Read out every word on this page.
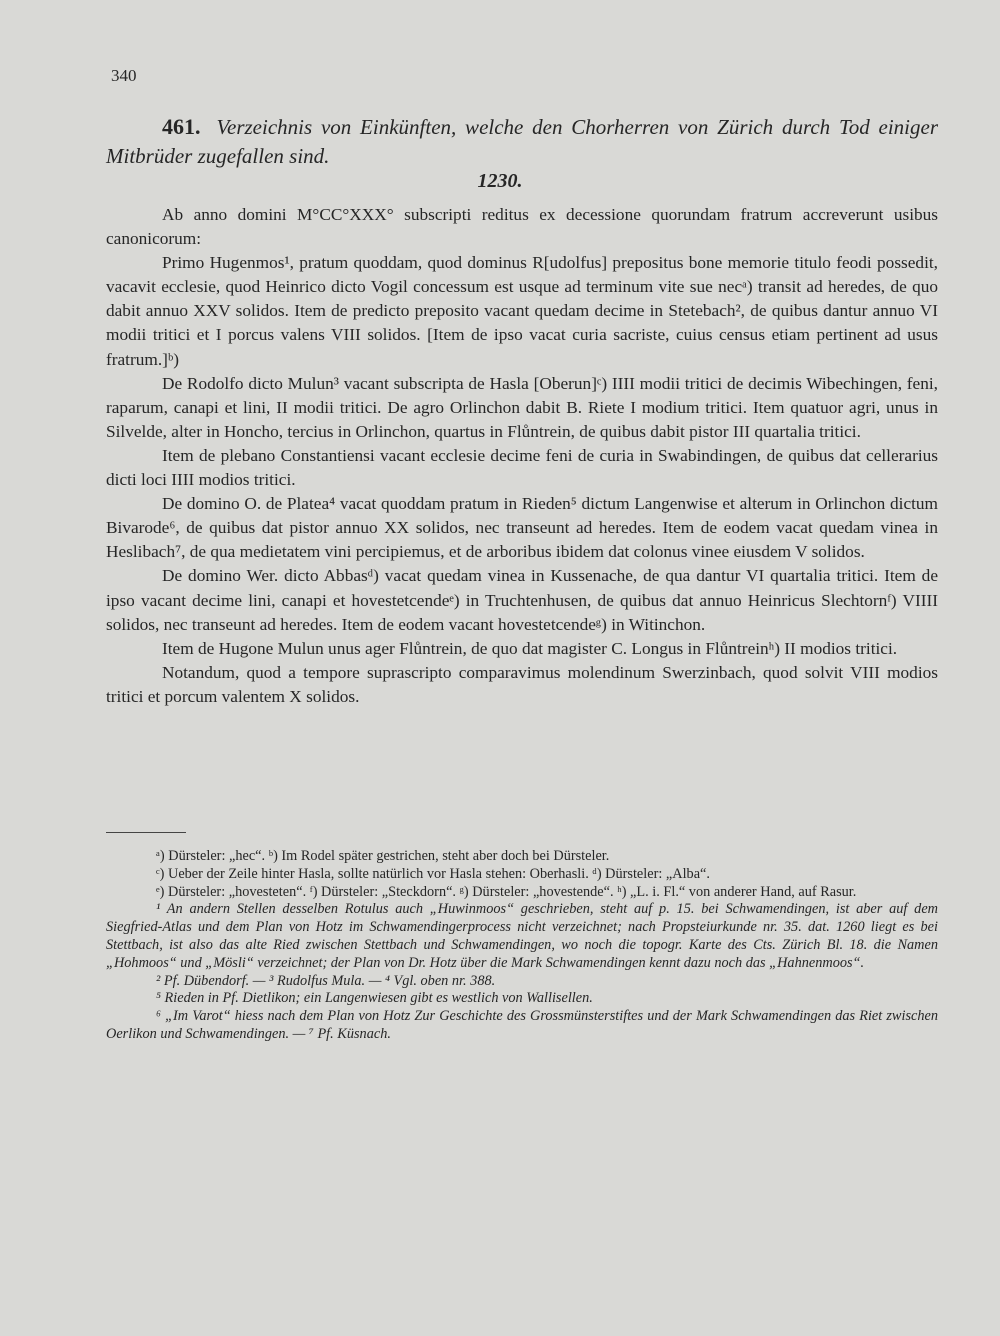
340
461. Verzeichnis von Einkünften, welche den Chorherren von Zürich durch Tod einiger Mitbrüder zugefallen sind.
1230.

Ab anno domini M°CC°XXX° subscripti reditus ex decessione quorundam fratrum accreverunt usibus canonicorum:

Primo Hugenmos¹, pratum quoddam, quod dominus R[udolfus] prepositus bone memorie titulo feodi possedit, vacavit ecclesie, quod Heinrico dicto Vogil concessum est usque ad terminum vite sue necᵃ) transit ad heredes, de quo dabit annuo XXV solidos. Item de predicto preposito vacant quedam decime in Stetebach², de quibus dantur annuo VI modii tritici et I porcus valens VIII solidos. [Item de ipso vacat curia sacriste, cuius census etiam pertinent ad usus fratrum.]ᵇ)

De Rodolfo dicto Mulun³ vacant subscripta de Hasla [Oberun]ᶜ) IIII modii tritici de decimis Wibechingen, feni, raparum, canapi et lini, II modii tritici. De agro Orlinchon dabit B. Riete I modium tritici. Item quatuor agri, unus in Silvelde, alter in Honcho, tercius in Orlinchon, quartus in Flůntrein, de quibus dabit pistor III quartalia tritici.

Item de plebano Constantiensi vacant ecclesie decime feni de curia in Swabindingen, de quibus dat cellerarius dicti loci IIII modios tritici.

De domino O. de Platea⁴ vacat quoddam pratum in Rieden⁵ dictum Langenwise et alterum in Orlinchon dictum Bivarode⁶, de quibus dat pistor annuo XX solidos, nec transeunt ad heredes. Item de eodem vacat quedam vinea in Heslibach⁷, de qua medietatem vini percipiemus, et de arboribus ibidem dat colonus vinee eiusdem V solidos.

De domino Wer. dicto Abbasᵈ) vacat quedam vinea in Kussenache, de qua dantur VI quartalia tritici. Item de ipso vacant decime lini, canapi et hovestetcendeᵉ) in Truchtenhusen, de quibus dat annuo Heinricus Slechtornᶠ) VIIII solidos, nec transeunt ad heredes. Item de eodem vacant hovestetcendeᵍ) in Witinchon.

Item de Hugone Mulun unus ager Flůntrein, de quo dat magister C. Longus in Flůntreinʰ) II modios tritici.

Notandum, quod a tempore suprascripto comparavimus molendinum Swerzinbach, quod solvit VIII modios tritici et porcum valentem X solidos.

ᵃ) Dürsteler: „hec“. ᵇ) Im Rodel später gestrichen, steht aber doch bei Dürsteler.

ᶜ) Ueber der Zeile hinter Hasla, sollte natürlich vor Hasla stehen: Oberhasli. ᵈ) Dürsteler: „Alba“.

ᵉ) Dürsteler: „hovesteten“. ᶠ) Dürsteler: „Steckdorn“. ᵍ) Dürsteler: „hovestende“. ʰ) „L. i. Fl.“ von anderer Hand, auf Rasur.

¹ An andern Stellen desselben Rotulus auch „Huwinmoos“ geschrieben, steht auf p. 15. bei Schwamendingen, ist aber auf dem Siegfried-Atlas und dem Plan von Hotz im Schwamendingerprocess nicht verzeichnet; nach Propsteiurkunde nr. 35. dat. 1260 liegt es bei Stettbach, ist also das alte Ried zwischen Stettbach und Schwamendingen, wo noch die topogr. Karte des Cts. Zürich Bl. 18. die Namen „Hohmoos“ und „Mösli“ verzeichnet; der Plan von Dr. Hotz über die Mark Schwamendingen kennt dazu noch das „Hahnenmoos“.

² Pf. Dübendorf. — ³ Rudolfus Mula. — ⁴ Vgl. oben nr. 388.

⁵ Rieden in Pf. Dietlikon; ein Langenwiesen gibt es westlich von Wallisellen.

⁶ „Im Varot“ hiess nach dem Plan von Hotz Zur Geschichte des Grossmünsterstiftes und der Mark Schwamendingen das Riet zwischen Oerlikon und Schwamendingen. — ⁷ Pf. Küsnach.
